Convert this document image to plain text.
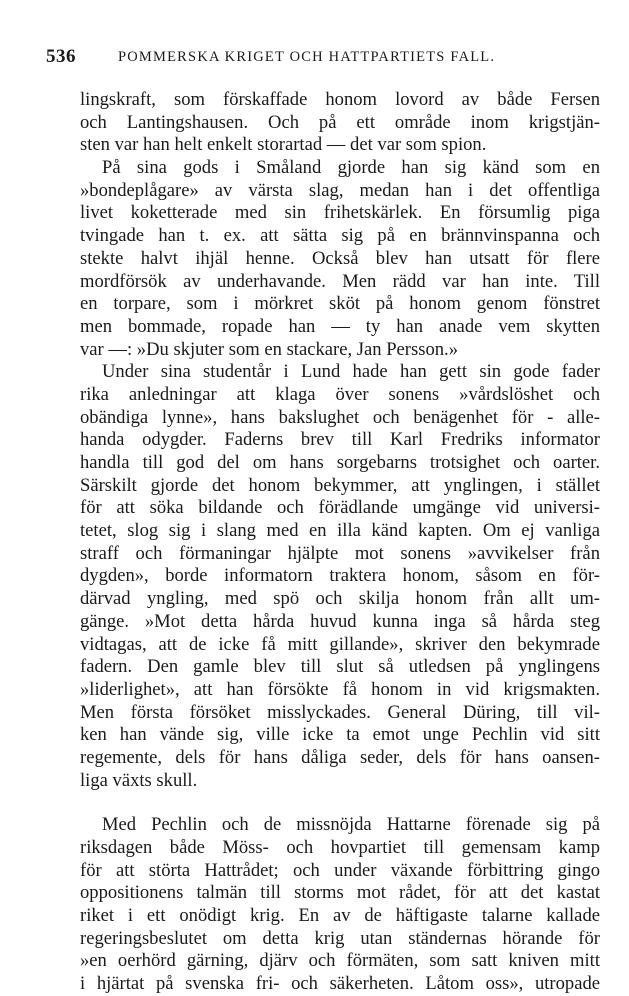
536	POMMERSKA KRIGET OCH HATTPARTIETS FALL.
lingskraft, som förskaffade honom lovord av både Fersen
och Lantingshausen. Och på ett område inom krigstjän-
sten var han helt enkelt storartad — det var som spion.
På sina gods i Småland gjorde han sig känd som en
»bondeplågare» av värsta slag, medan han i det offentliga
livet koketterade med sin frihetskärlek. En försumlig piga
tvingade han t. ex. att sätta sig på en brännvinspanna och
stekte halvt ihjäl henne. Också blev han utsatt för flere
mordförsök av underhavande. Men rädd var han inte. Till
en torpare, som i mörkret sköt på honom genom fönstret
men bommade, ropade han — ty han anade vem skytten
var —: »Du skjuter som en stackare, Jan Persson.»
Under sina studentår i Lund hade han gett sin gode fader
rika anledningar att klaga över sonens »vårdslöshet och
obändiga lynne», hans bakslughet och benägenhet för - alle-
handa odygder. Faderns brev till Karl Fredriks informator
handla till god del om hans sorgebarns trotsighet och oarter.
Särskilt gjorde det honom bekymmer, att ynglingen, i stället
för att söka bildande och förädlande umgänge vid universi-
tetet, slog sig i slang med en illa känd kapten. Om ej vanliga
straff och förmaningar hjälpte mot sonens »avvikelser från
dygden», borde informatorn traktera honom, såsom en för-
därvad yngling, med spö och skilja honom från allt um-
gänge. »Mot detta hårda huvud kunna inga så hårda steg
vidtagas, att de icke få mitt gillande», skriver den bekymrade
fadern. Den gamle blev till slut så utledsen på ynglingens
»liderlighet», att han försökte få honom in vid krigsmakten.
Men första försöket misslyckades. General Düring, till vil-
ken han vände sig, ville icke ta emot unge Pechlin vid sitt
regemente, dels för hans dåliga seder, dels för hans oansen-
liga växts skull.
Med Pechlin och de missnöjda Hattarne förenade sig på
riksdagen både Möss- och hovpartiet till gemensam kamp
för att störta Hattrådet; och under växande förbittring gingo
oppositionens talmän till storms mot rådet, för att det kastat
riket i ett onödigt krig. En av de häftigaste talarne kallade
regeringsbeslutet om detta krig utan ständernas hörande för
»en oerhörd gärning, djärv och förmäten, som satt kniven mitt
i hjärtat på svenska fri- och säkerheten. Låtom oss», utropade
